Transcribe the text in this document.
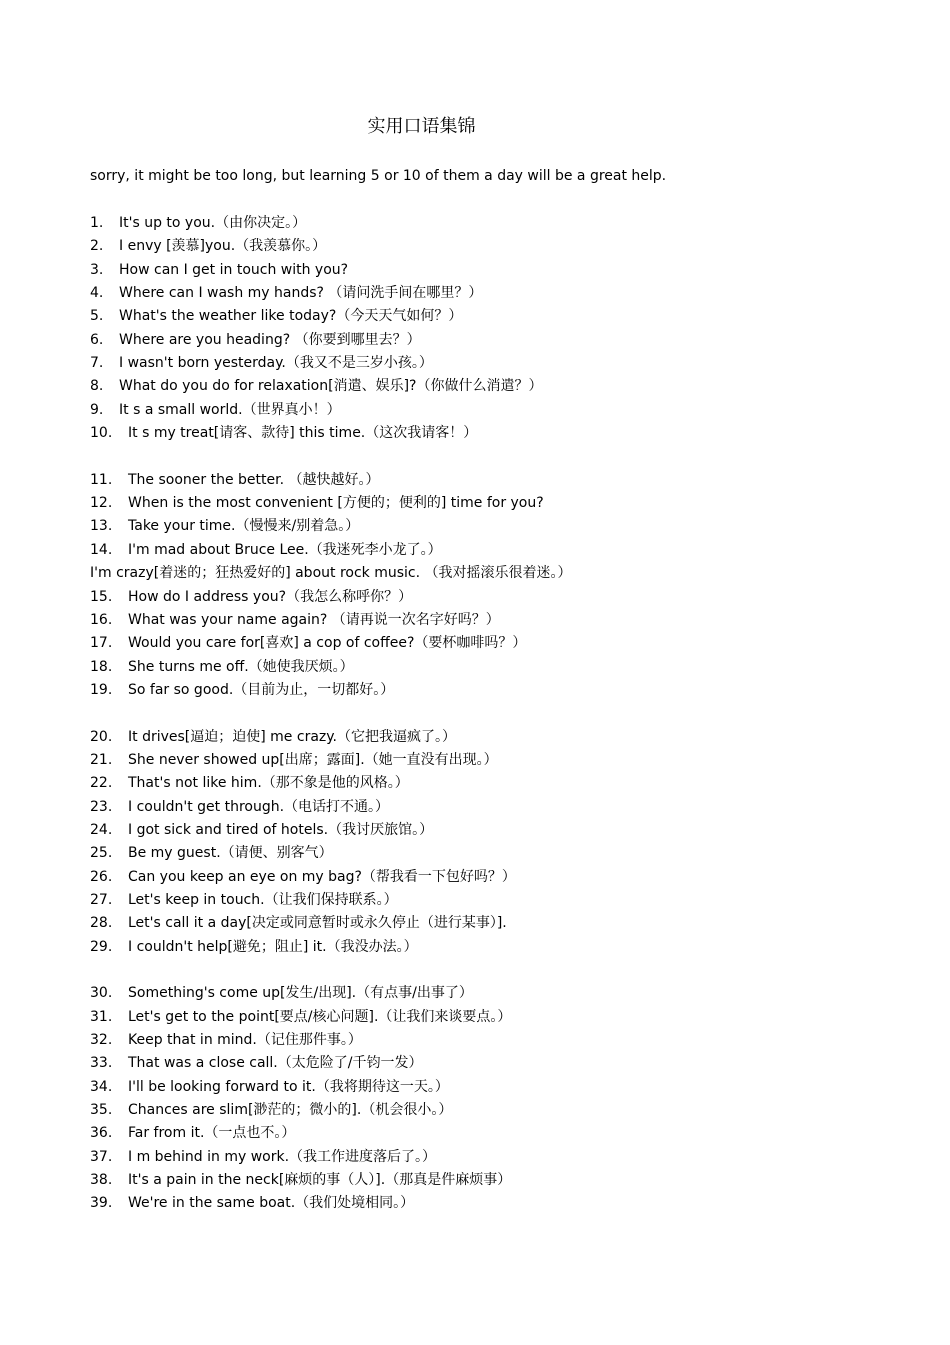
实用口语集锦
sorry, it might be too long, but learning 5 or 10 of them a day will be a great help.
1. It's up to you.（由你决定。）
2. I envy [羡慕]you.（我羡慕你。）
3. How can I get in touch with you?
4. Where can I wash my hands? （请问洗手间在哪里？）
5. What's the weather like today?（今天天气如何？）
6. Where are you heading? （你要到哪里去？）
7. I wasn't born yesterday.（我又不是三岁小孩。）
8. What do you do for relaxation[消遣、娱乐]?（你做什么消遣？）
9. It s a small world.（世界真小！）
10. It s my treat[请客、款待] this time.（这次我请客！）
11. The sooner the better. （越快越好。）
12. When is the most convenient [方便的；便利的] time for you?
13. Take your time.（慢慢来/别着急。）
14. I'm mad about Bruce Lee.（我迷死李小龙了。）
I'm crazy[着迷的；狂热爱好的] about rock music. （我对摇滚乐很着迷。）
15. How do I address you?（我怎么称呼你？）
16. What was your name again? （请再说一次名字好吗？）
17. Would you care for[喜欢] a cop of coffee?（要杯咖啡吗？）
18. She turns me off.（她使我厌烦。）
19. So far so good.（目前为止，一切都好。）
20. It drives[逼迫；迫使] me crazy.（它把我逼疯了。）
21. She never showed up[出席；露面].（她一直没有出现。）
22. That's not like him.（那不象是他的风格。）
23. I couldn't get through.（电话打不通。）
24. I got sick and tired of hotels.（我讨厌旅馆。）
25. Be my guest.（请便、别客气）
26. Can you keep an eye on my bag?（帮我看一下包好吗？）
27. Let's keep in touch.（让我们保持联系。）
28. Let's call it a day[决定或同意暂时或永久停止（进行某事）].
29. I couldn't help[避免；阻止] it.（我没办法。）
30. Something's come up[发生/出现].（有点事/出事了）
31. Let's get to the point[要点/核心问题].（让我们来谈要点。）
32. Keep that in mind.（记住那件事。）
33. That was a close call.（太危险了/千钧一发）
34. I'll be looking forward to it.（我将期待这一天。）
35. Chances are slim[渺茫的；微小的].（机会很小。）
36. Far from it.（一点也不。）
37. I m behind in my work.（我工作进度落后了。）
38. It's a pain in the neck[麻烦的事（人）].（那真是件麻烦事）
39. We're in the same boat.（我们处境相同。）
